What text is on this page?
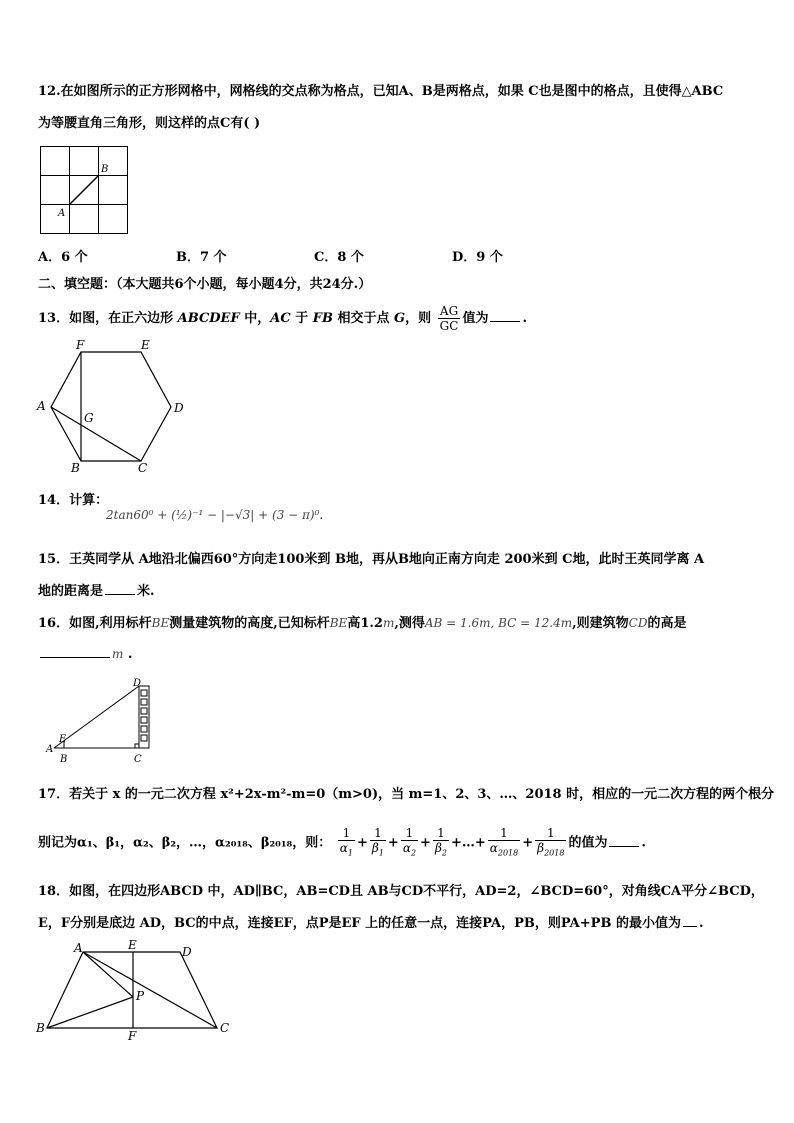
12.在如图所示的正方形网格中，网格线的交点称为格点，已知A、B是两格点，如果 C也是图中的格点，且使得△ABC
为等腰直角三角形，则这样的点C有( )
A
B
A．6 个	B．7 个	C．8 个	D．9 个
二、填空题：（本大题共6个小题，每小题4分，共24分.）
13．如图，在正六边形 ABCDEF 中，AC 于 FB 相交于点 G，则 $\frac{AG}{GC}$ 值为	.
F	E
A	D
G
B	C
14．计算：
2tan60⁰ + (½)⁻¹ − |−√3| + (3 − π)⁰.
15．王英同学从 A地沿北偏西60°方向走100米到 B地，再从B地向正南方向走 200米到 C地，此时王英同学离 A
地的距离是	米.
16．如图,利用标杆BE测量建筑物的高度,已知标杆BE高1.2m,测得AB = 1.6m, BC = 12.4m,则建筑物CD的高是
m .
D
A
E
B	C
17．若关于 x 的一元二次方程 x²+2x-m²-m=0（m>0)，当 m=1、2、3、…、2018 时，相应的一元二次方程的两个根分
别记为α₁、β₁，α₂、β₂，…，α₂₀₁₈、β₂₀₁₈，则： $\frac{1}{\alpha_1} + \frac{1}{\beta_1} + \frac{1}{\alpha_2} + \frac{1}{\beta_2}$ +…+ $\frac{1}{\alpha_{2018}} + \frac{1}{\beta_{2018}}$ 的值为	.
18．如图，在四边形ABCD 中，AD∥BC，AB=CD且 AB与CD不平行，AD=2，∠BCD=60°，对角线CA平分∠BCD，
E，F分别是底边 AD，BC的中点，连接EF，点P是EF 上的任意一点，连接PA，PB，则PA+PB 的最小值为 .
A	E	D
P
B
F
C
